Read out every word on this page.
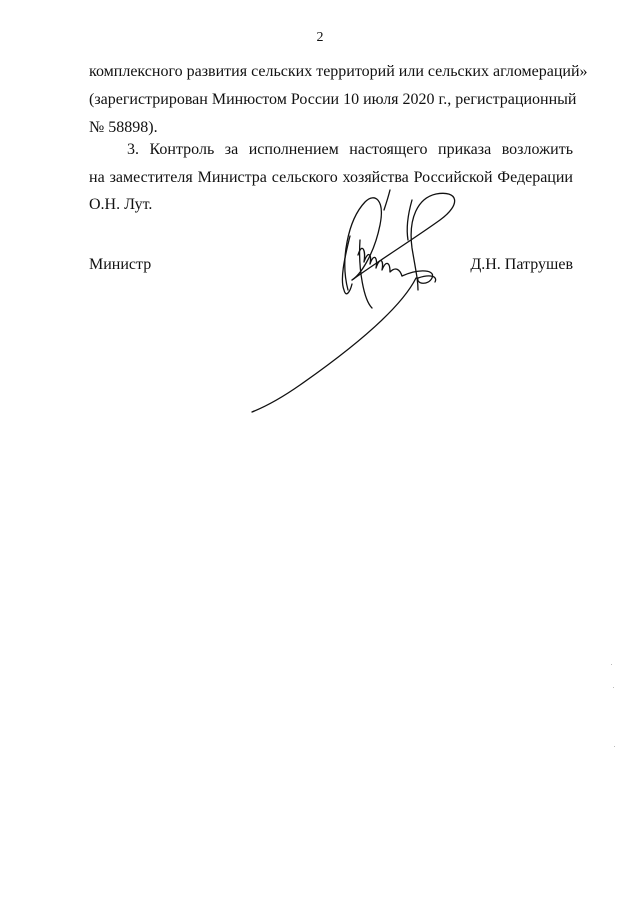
2
комплексного развития сельских территорий или сельских агломераций»
(зарегистрирован Минюстом России 10 июля 2020 г., регистрационный
№ 58898).
3. Контроль за исполнением настоящего приказа возложить
на заместителя Министра сельского хозяйства Российской Федерации
О.Н. Лут.
Министр	Д.Н. Патрушев
